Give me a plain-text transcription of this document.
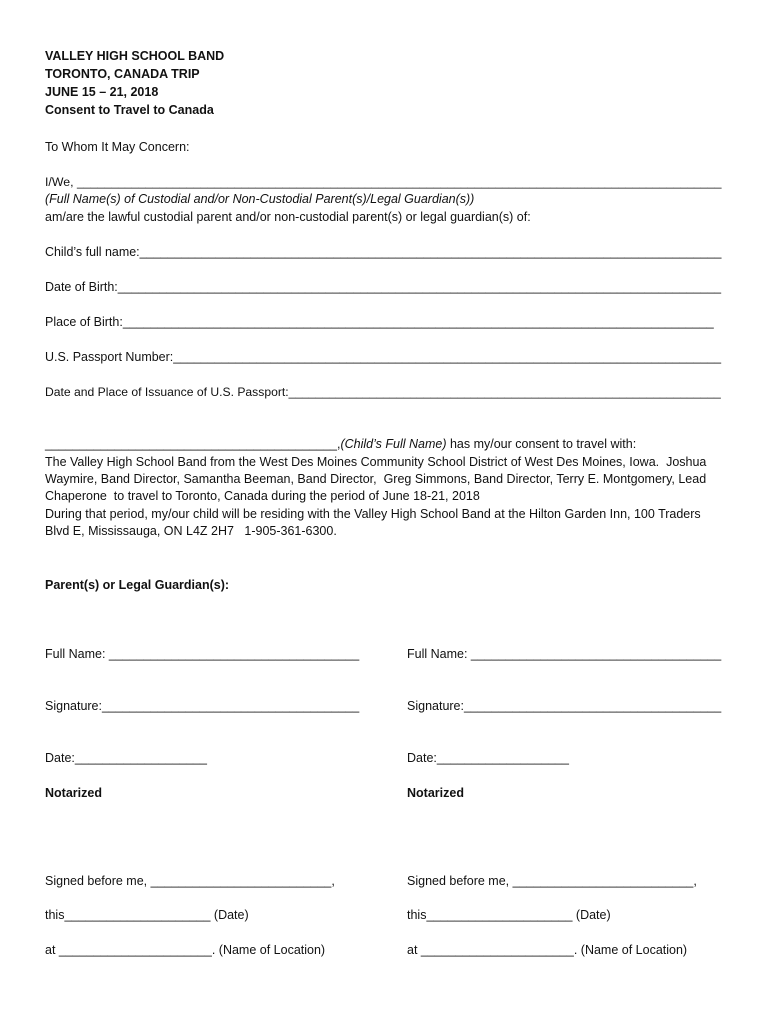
VALLEY HIGH SCHOOL BAND
TORONTO, CANADA TRIP
JUNE 15 – 21, 2018
Consent to Travel to Canada
To Whom It May Concern:
I/We, ______________________________________________________________________________________________
(Full Name(s) of Custodial and/or Non-Custodial Parent(s)/Legal Guardian(s))
am/are the lawful custodial parent and/or non-custodial parent(s) or legal guardian(s) of:
Child’s full name:____________________________________________________________________________________
Date of Birth:_______________________________________________________________________________________
Place of Birth:_____________________________________________________________________________________
U.S. Passport Number:_______________________________________________________________________________
Date and Place of Issuance of U.S. Passport:________________________________________________________________
__________________________________________,(Child’s Full Name) has my/our consent to travel with:
The Valley High School Band from the West Des Moines Community School District of West Des Moines, Iowa.  Joshua
Waymire, Band Director, Samantha Beeman, Band Director,  Greg Simmons, Band Director, Terry E. Montgomery, Lead
Chaperone  to travel to Toronto, Canada during the period of June 18-21, 2018
During that period, my/our child will be residing with the Valley High School Band at the Hilton Garden Inn, 100 Traders
Blvd E, Mississauga, ON L4Z 2H7   1-905-361-6300.
Parent(s) or Legal Guardian(s):
Full Name: ____________________________________
Signature:_____________________________________
Date:___________________
Notarized
Signed before me, __________________________,
this_____________________ (Date)
at ______________________. (Name of Location)
Full Name: ____________________________________
Signature:_____________________________________
Date:___________________
Notarized
Signed before me, __________________________,
this_____________________ (Date)
at ______________________. (Name of Location)
